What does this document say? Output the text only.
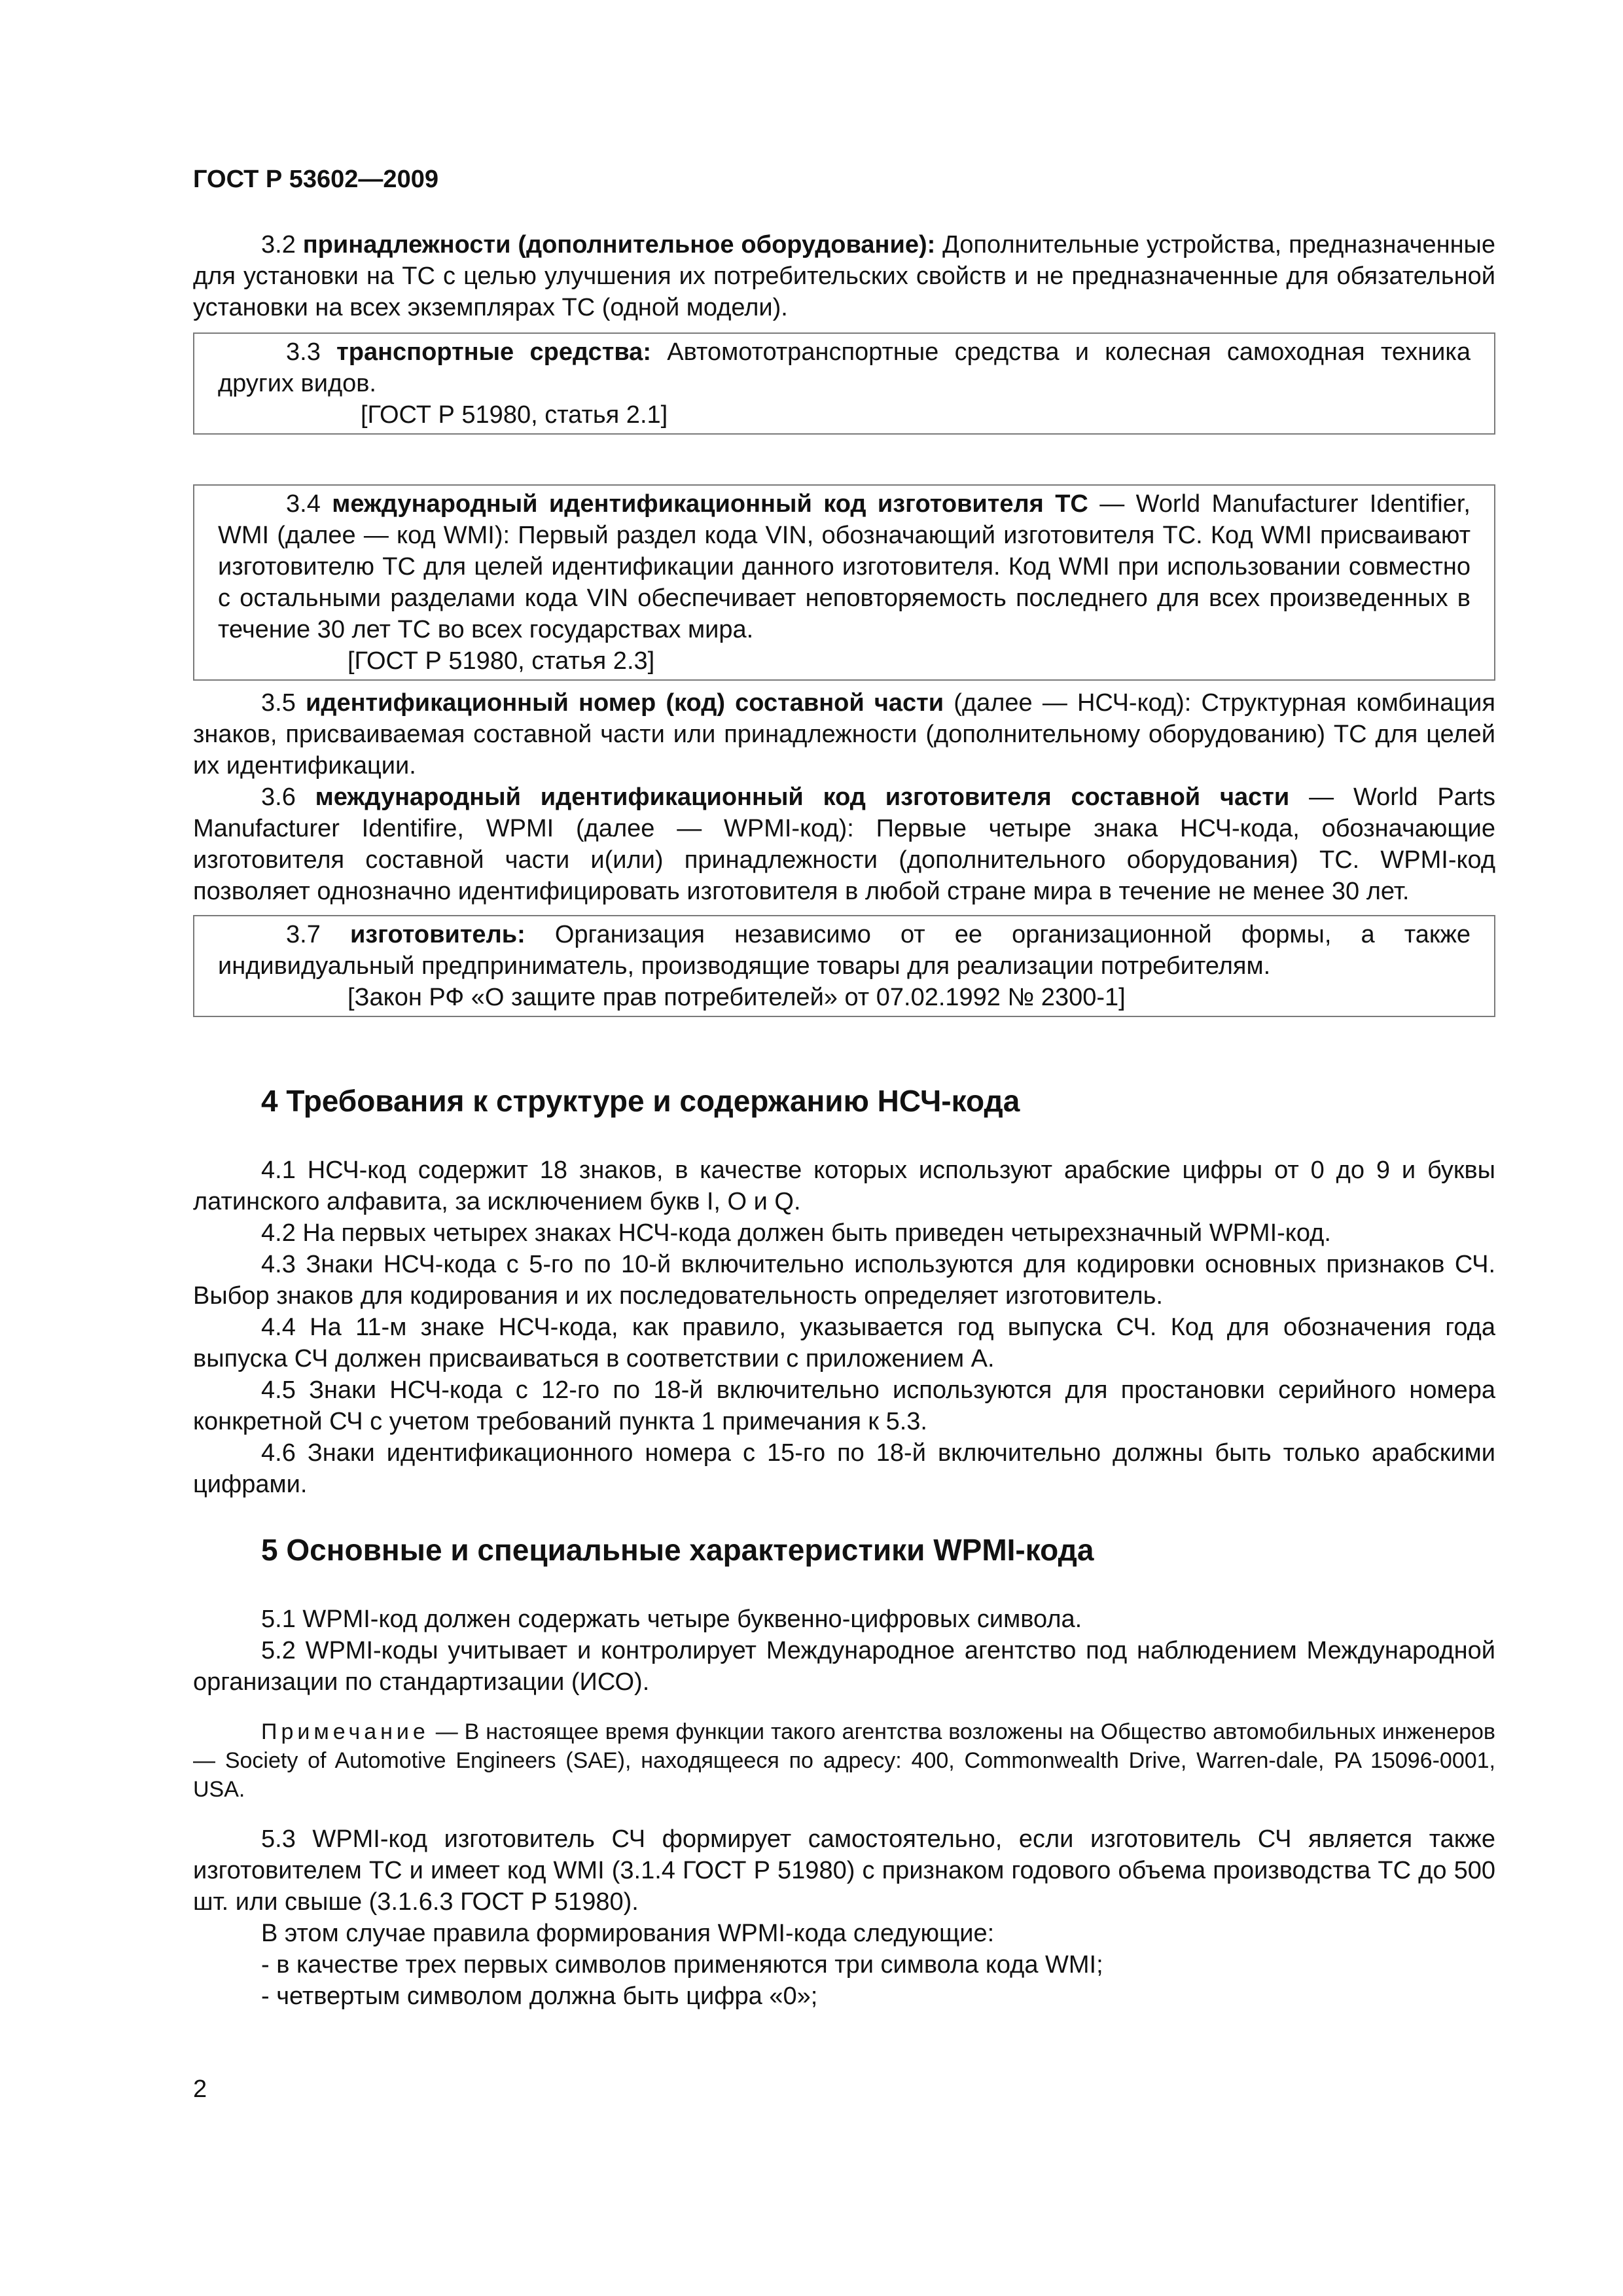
ГОСТ Р 53602—2009

3.2 принадлежности (дополнительное оборудование): Дополнительные устройства, предназначенные для установки на ТС с целью улучшения их потребительских свойств и не предназначенные для обязательной установки на всех экземплярах ТС (одной модели).

3.3 транспортные средства: Автомототранспортные средства и колесная самоходная техника других видов.

[ГОСТ Р 51980, статья 2.1]

3.4 международный идентификационный код изготовителя ТС — World Manufacturer Identifier, WMI (далее — код WMI): Первый раздел кода VIN, обозначающий изготовителя ТС. Код WMI присваивают изготовителю ТС для целей идентификации данного изготовителя. Код WMI при использовании совместно с остальными разделами кода VIN обеспечивает неповторяемость последнего для всех произведенных в течение 30 лет ТС во всех государствах мира.

[ГОСТ Р 51980, статья 2.3]

3.5 идентификационный номер (код) составной части (далее — НСЧ-код): Структурная комбинация знаков, присваиваемая составной части или принадлежности (дополнительному оборудованию) ТС для целей их идентификации.

3.6 международный идентификационный код изготовителя составной части — World Parts Manufacturer Identifire, WPMI (далее — WPMI-код): Первые четыре знака НСЧ-кода, обозначающие изготовителя составной части и(или) принадлежности (дополнительного оборудования) ТС. WPMI-код позволяет однозначно идентифицировать изготовителя в любой стране мира в течение не менее 30 лет.

3.7 изготовитель: Организация независимо от ее организационной формы, а также индивидуальный предприниматель, производящие товары для реализации потребителям.

[Закон РФ «О защите прав потребителей» от 07.02.1992 № 2300-1]

4 Требования к структуре и содержанию НСЧ-кода

4.1 НСЧ-код содержит 18 знаков, в качестве которых используют арабские цифры от 0 до 9 и буквы латинского алфавита, за исключением букв I, O и Q.

4.2 На первых четырех знаках НСЧ-кода должен быть приведен четырехзначный WPMI-код.

4.3 Знаки НСЧ-кода с 5-го по 10-й включительно используются для кодировки основных признаков СЧ. Выбор знаков для кодирования и их последовательность определяет изготовитель.

4.4 На 11-м знаке НСЧ-кода, как правило, указывается год выпуска СЧ. Код для обозначения года выпуска СЧ должен присваиваться в соответствии с приложением А.

4.5 Знаки НСЧ-кода с 12-го по 18-й включительно используются для простановки серийного номера конкретной СЧ с учетом требований пункта 1 примечания к 5.3.

4.6 Знаки идентификационного номера с 15-го по 18-й включительно должны быть только арабскими цифрами.

5 Основные и специальные характеристики WPMI-кода

5.1 WPMI-код должен содержать четыре буквенно-цифровых символа.

5.2 WPMI-коды учитывает и контролирует Международное агентство под наблюдением Международной организации по стандартизации (ИСО).

Примечание — В настоящее время функции такого агентства возложены на Общество автомобильных инженеров — Society of Automotive Engineers (SAE), находящееся по адресу: 400, Commonwealth Drive, Warren-dale, PA 15096-0001, USA.

5.3 WPMI-код изготовитель СЧ формирует самостоятельно, если изготовитель СЧ является также изготовителем ТС и имеет код WMI (3.1.4 ГОСТ Р 51980) с признаком годового объема производства ТС до 500 шт. или свыше (3.1.6.3 ГОСТ Р 51980).

В этом случае правила формирования WPMI-кода следующие:

- в качестве трех первых символов применяются три символа кода WMI;

- четвертым символом должна быть цифра «0»;

2
